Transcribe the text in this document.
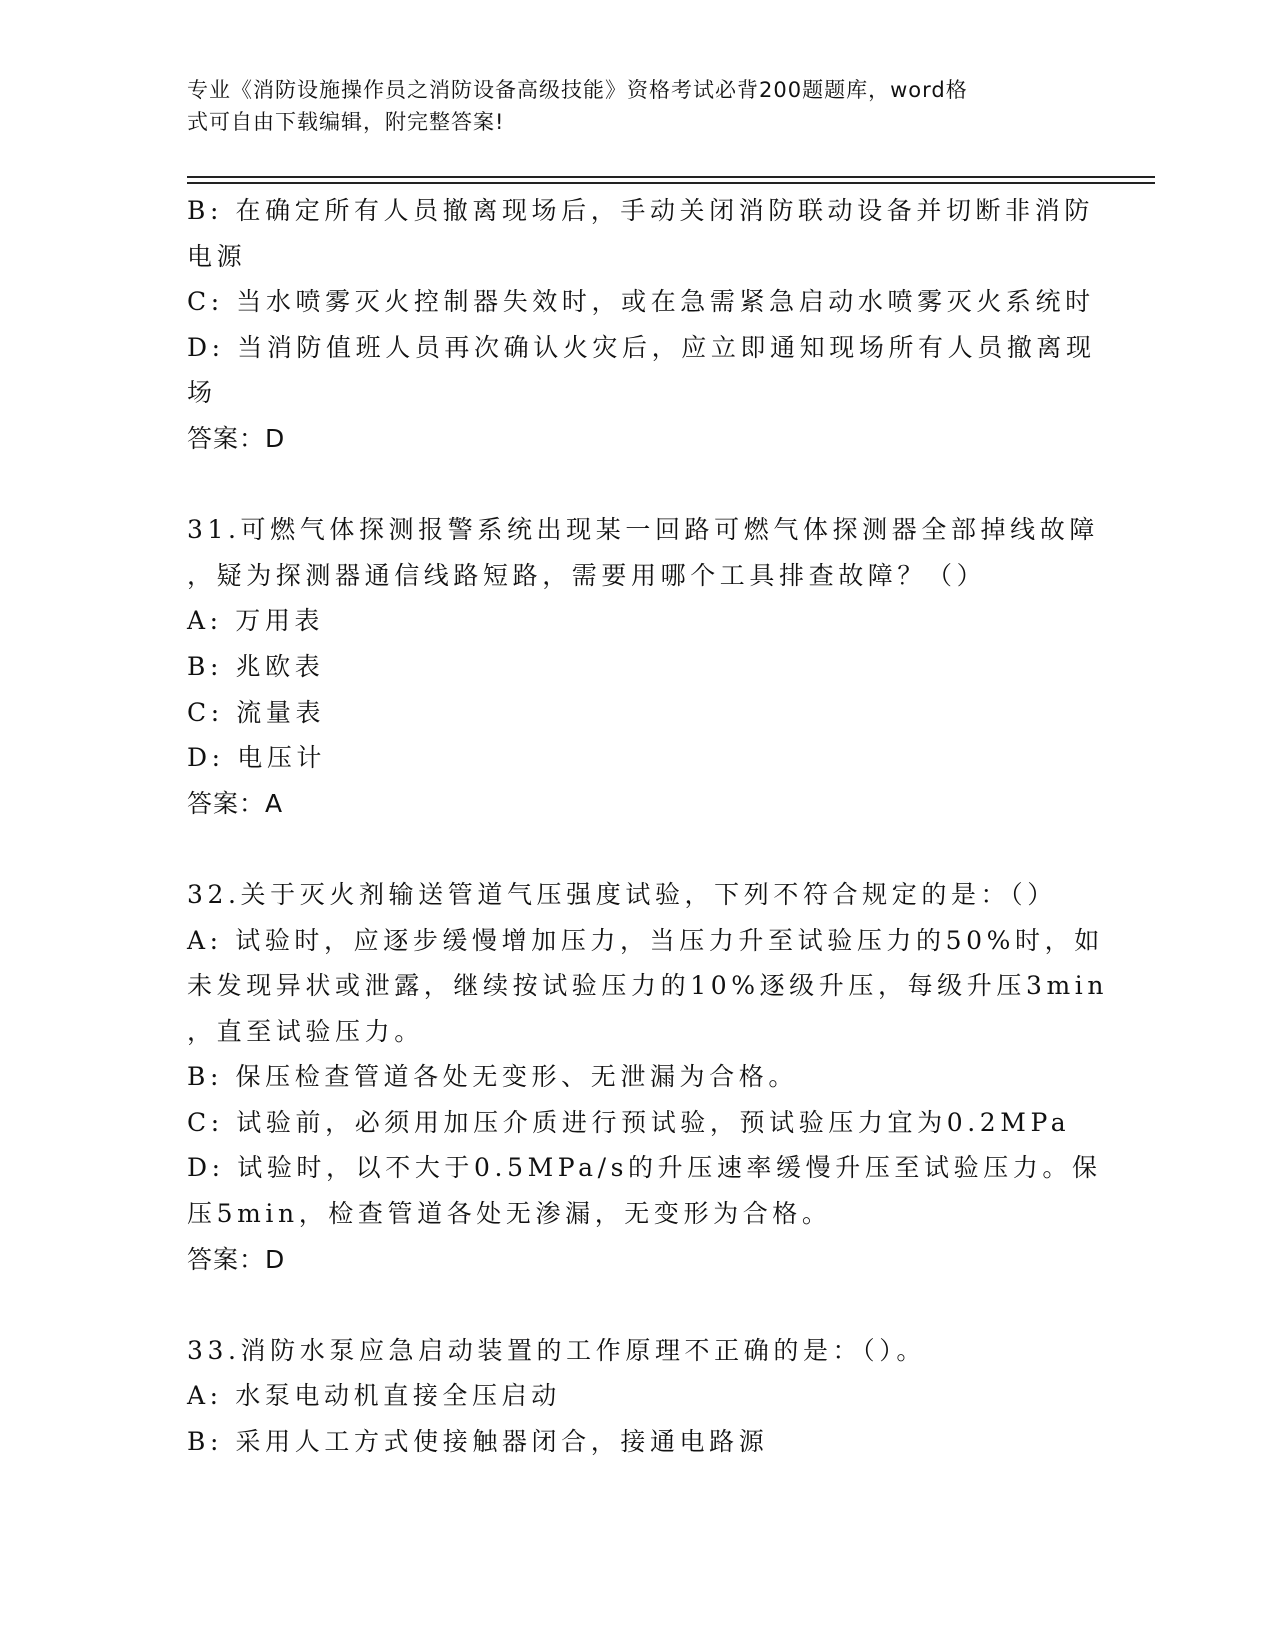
专业《消防设施操作员之消防设备高级技能》资格考试必背200题题库，word格
式可自由下载编辑，附完整答案!
B: 在确定所有人员撤离现场后，手动关闭消防联动设备并切断非消防
电源
C: 当水喷雾灭火控制器失效时，或在急需紧急启动水喷雾灭火系统时
D: 当消防值班人员再次确认火灾后，应立即通知现场所有人员撤离现
场
答案：D
31.可燃气体探测报警系统出现某一回路可燃气体探测器全部掉线故障
，疑为探测器通信线路短路，需要用哪个工具排查故障？（）
A: 万用表
B: 兆欧表
C: 流量表
D: 电压计
答案：A
32.关于灭火剂输送管道气压强度试验，下列不符合规定的是：（）
A: 试验时，应逐步缓慢增加压力，当压力升至试验压力的50%时，如
未发现异状或泄露，继续按试验压力的10%逐级升压，每级升压3min
，直至试验压力。
B: 保压检查管道各处无变形、无泄漏为合格。
C: 试验前，必须用加压介质进行预试验，预试验压力宜为0.2MPa
D: 试验时，以不大于0.5MPa/s的升压速率缓慢升压至试验压力。保
压5min，检查管道各处无渗漏，无变形为合格。
答案：D
33.消防水泵应急启动装置的工作原理不正确的是：（）。
A: 水泵电动机直接全压启动
B: 采用人工方式使接触器闭合，接通电路源
